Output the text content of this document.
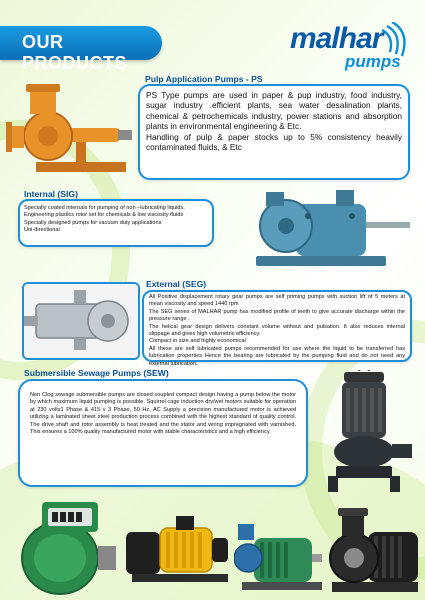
OUR PRODUCTS
malhar
pumps
Pulp Application Pumps - PS

PS Type pumps are used in paper & pup industry, food industry, sugar industry .efficient plants, sea water desalination plants, chemical & petrochemicals industry, power stations and absorption plants in environmental engineering & Etc.

Handling of pulp & paper stocks up to 5% consistency heavily contaminated fluids, & Etc

Internal (SIG)

Specially coated internals for pumping of non –lubricating liquids.

Engineering plastics rotor set for chemicals & low viscosity fluids

Specially designed pumps for vacuum duty applications

Uni-directional

External (SEG)

All Positive displacement rotary gear pumps are self priming pumps with suction lift of 5 meters at mean viscosity and speed 1440 rpm

The SEG series of MALHAR pump has modified profile of teeth to give accurate discharge within the pressure range .

The helical gear design delivers constant volume without and pulsation. It also reduces internal slippage and gives high volumetric efficiency.

Compact in size and highly economical

All these are self lubricated pumps recommended for use where the liquid to be transferred has lubrication properties Hence the bearing are lubricated by the pumping fluid and do not need any external lubrication.

Submersible Sewage Pumps (SEW)

Non Clog sewage submersible pumps are closed coupled compact design having a pump below the motor by which maximum liquid pumping is possible. Squirrel cage induction dry/wet motors suitable for operation at 230 volts1 Phase & 415 v 3 Phase, 50 Hz, AC Supply a precision manufactured motor is achieved utilizing a laminated sheet steel production process combined with the highest standard of quality control. The drive shaft and rotor assembly is heat treated and the stator and wiring impregnated with varnished. This ensures a 100% quality manufactured motor with stable characteristics and a high efficiency.
